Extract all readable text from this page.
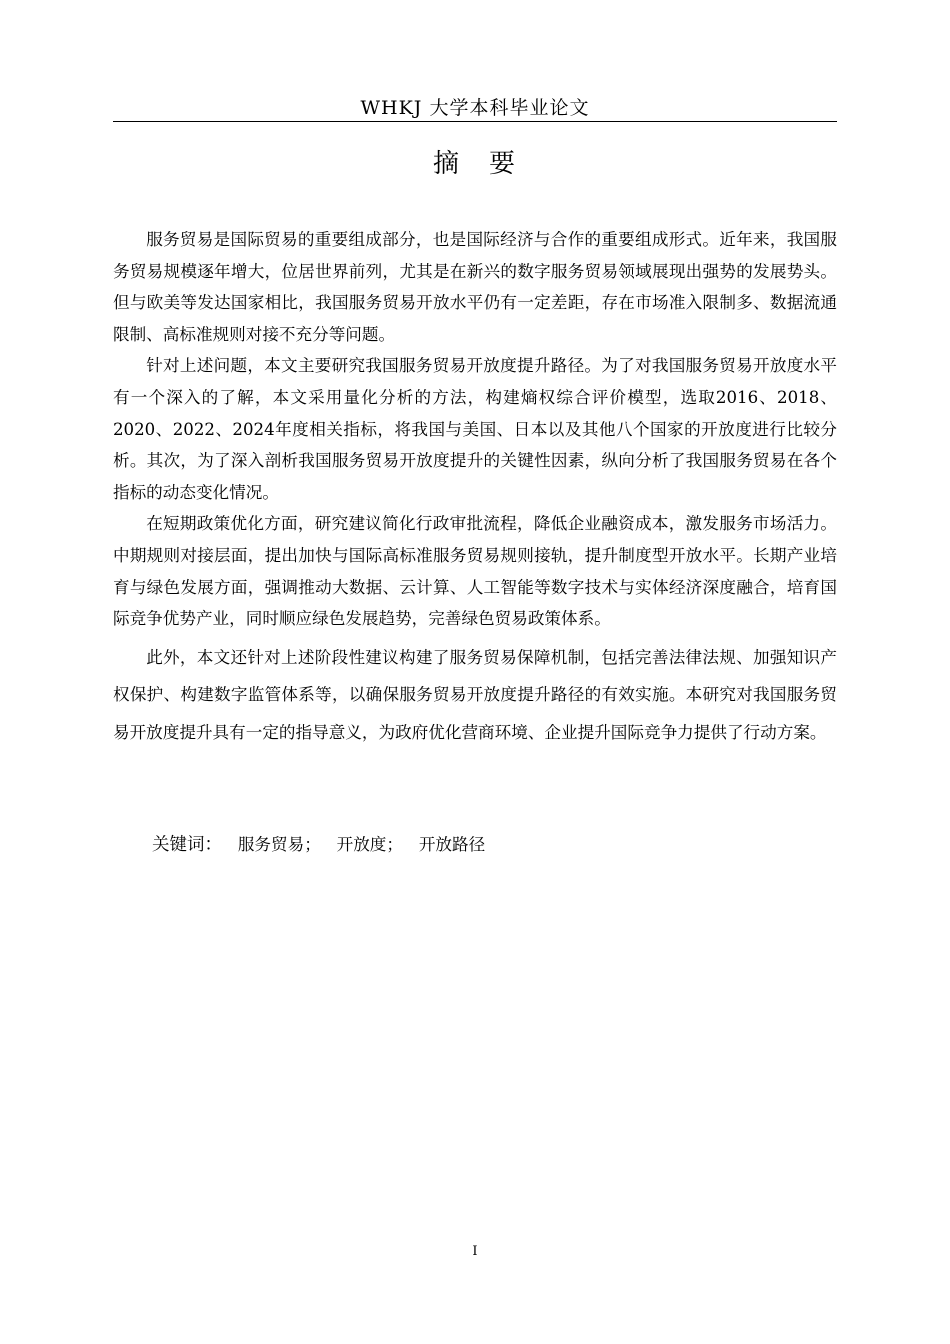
WHKJ 大学本科毕业论文
摘　要

服务贸易是国际贸易的重要组成部分，也是国际经济与合作的重要组成形式。近年来，我国服务贸易规模逐年增大，位居世界前列，尤其是在新兴的数字服务贸易领域展现出强势的发展势头。但与欧美等发达国家相比，我国服务贸易开放水平仍有一定差距，存在市场准入限制多、数据流通限制、高标准规则对接不充分等问题。

针对上述问题，本文主要研究我国服务贸易开放度提升路径。为了对我国服务贸易开放度水平有一个深入的了解，本文采用量化分析的方法，构建熵权综合评价模型，选取2016、2018、2020、2022、2024年度相关指标，将我国与美国、日本以及其他八个国家的开放度进行比较分析。其次，为了深入剖析我国服务贸易开放度提升的关键性因素，纵向分析了我国服务贸易在各个指标的动态变化情况。

在短期政策优化方面，研究建议简化行政审批流程，降低企业融资成本，激发服务市场活力。中期规则对接层面，提出加快与国际高标准服务贸易规则接轨，提升制度型开放水平。长期产业培育与绿色发展方面，强调推动大数据、云计算、人工智能等数字技术与实体经济深度融合，培育国际竞争优势产业，同时顺应绿色发展趋势，完善绿色贸易政策体系。

此外，本文还针对上述阶段性建议构建了服务贸易保障机制，包括完善法律法规、加强知识产权保护、构建数字监管体系等，以确保服务贸易开放度提升路径的有效实施。本研究对我国服务贸易开放度提升具有一定的指导意义，为政府优化营商环境、企业提升国际竞争力提供了行动方案。

关键词： 服务贸易； 开放度； 开放路径
I
